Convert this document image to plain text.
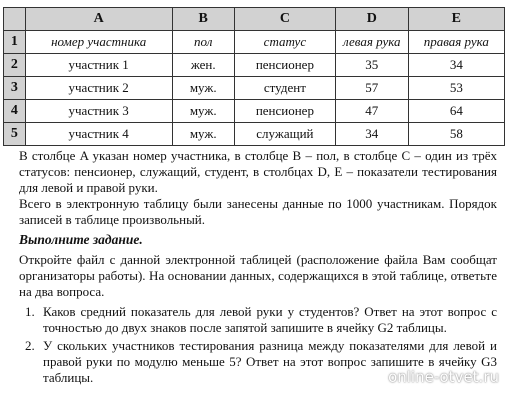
	A	B	C	D	E
1	номер участника	пол	статус	левая рука	правая рука
2	участник 1	жен.	пенсионер	35	34
3	участник 2	муж.	студент	57	53
4	участник 3	муж.	пенсионер	47	64
5	участник 4	муж.	служащий	34	58

В столбце A указан номер участника, в столбце B – пол, в столбце C – один из трёх статусов: пенсионер, служащий, студент, в столбцах D, E – показатели тестирования для левой и правой руки.

Всего в электронную таблицу были занесены данные по 1000 участникам. Порядок записей в таблице произвольный.

Выполните задание.

Откройте файл с данной электронной таблицей (расположение файла Вам сообщат организаторы работы). На основании данных, содержащихся в этой таблице, ответьте на два вопроса.

1. Каков средний показатель для левой руки у студентов? Ответ на этот вопрос с точностью до двух знаков после запятой запишите в ячейку G2 таблицы.
2. У скольких участников тестирования разница между показателями для левой и правой руки по модулю меньше 5? Ответ на этот вопрос запишите в ячейку G3 таблицы.	online-otvet.ru
